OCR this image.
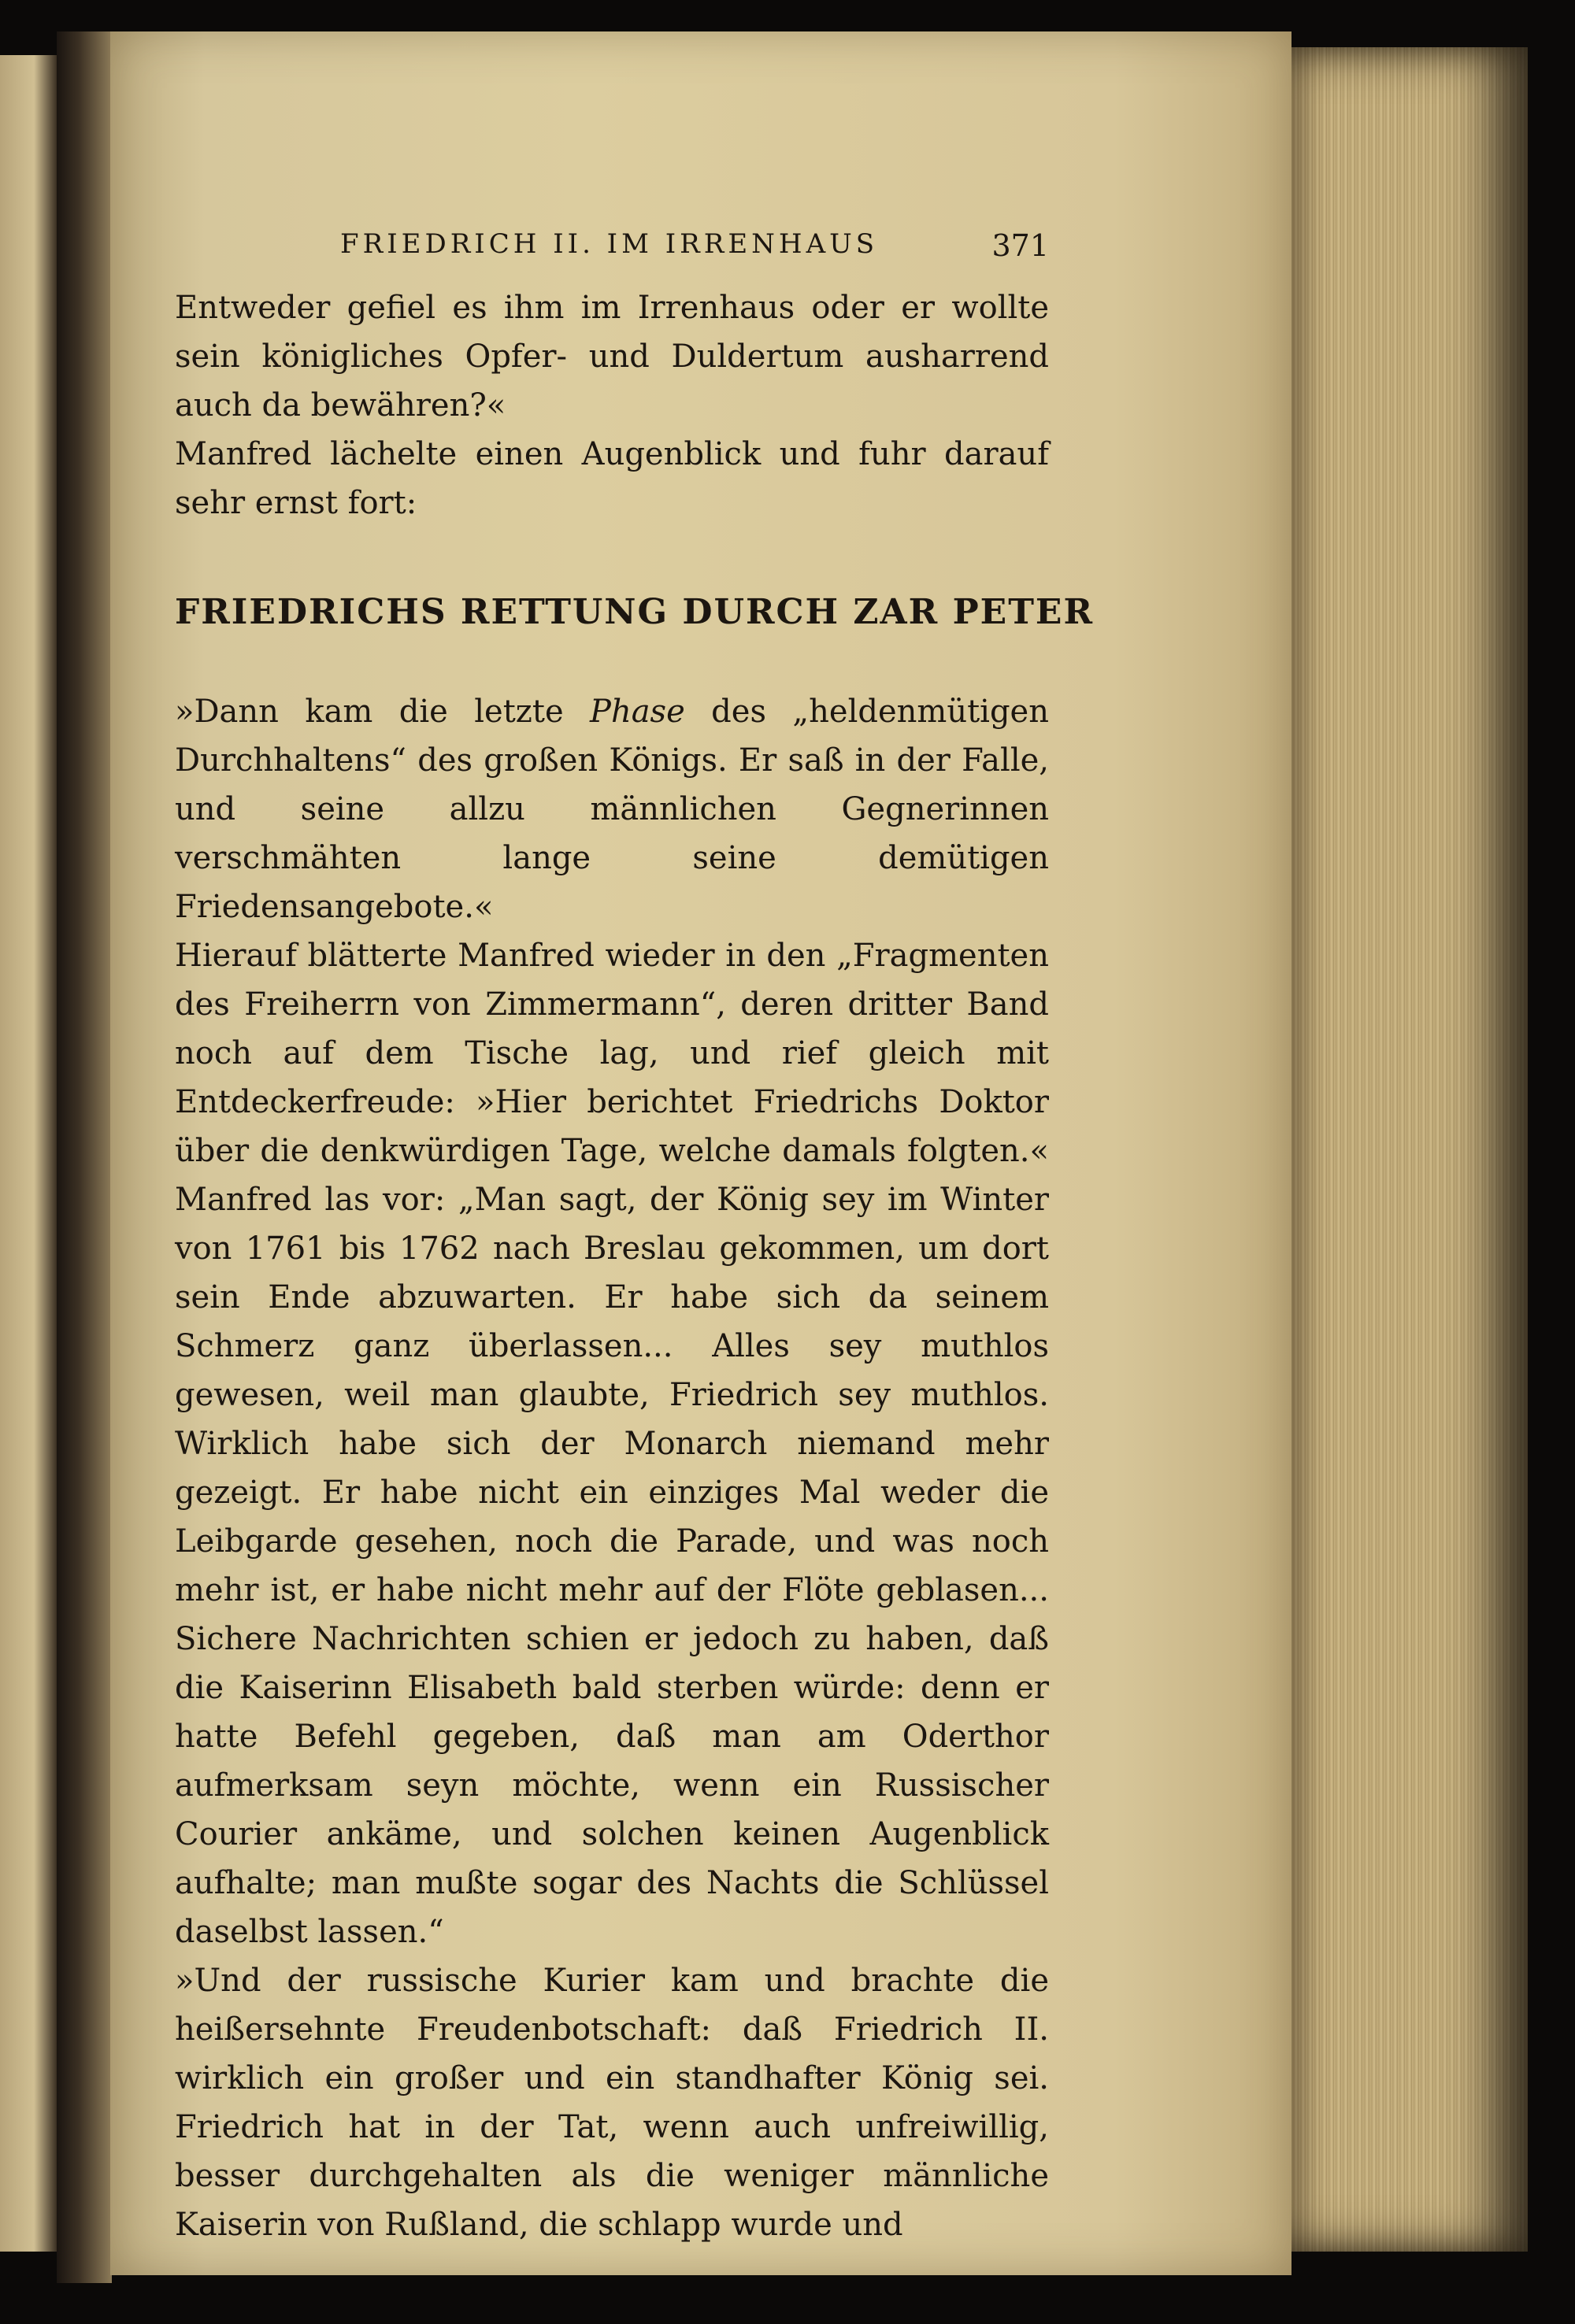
FRIEDRICH II. IM IRRENHAUS	371

Entweder gefiel es ihm im Irrenhaus oder er wollte sein königliches Opfer- und Duldertum ausharrend auch da bewähren?«

Manfred lächelte einen Augenblick und fuhr darauf sehr ernst fort:

FRIEDRICHS RETTUNG DURCH ZAR PETER

»Dann kam die letzte Phase des „heldenmütigen Durchhaltens“ des großen Königs. Er saß in der Falle, und seine allzu männlichen Gegnerinnen verschmähten lange seine demütigen Friedensangebote.«

Hierauf blätterte Manfred wieder in den „Fragmenten des Freiherrn von Zimmermann“, deren dritter Band noch auf dem Tische lag, und rief gleich mit Entdeckerfreude: »Hier berichtet Friedrichs Doktor über die denkwürdigen Tage, welche damals folgten.« Manfred las vor: „Man sagt, der König sey im Winter von 1761 bis 1762 nach Breslau gekommen, um dort sein Ende abzuwarten. Er habe sich da seinem Schmerz ganz überlassen... Alles sey muthlos gewesen, weil man glaubte, Friedrich sey muthlos. Wirklich habe sich der Monarch niemand mehr gezeigt. Er habe nicht ein einziges Mal weder die Leibgarde gesehen, noch die Parade, und was noch mehr ist, er habe nicht mehr auf der Flöte geblasen... Sichere Nachrichten schien er jedoch zu haben, daß die Kaiserinn Elisabeth bald sterben würde: denn er hatte Befehl gegeben, daß man am Oderthor aufmerksam seyn möchte, wenn ein Russischer Courier ankäme, und solchen keinen Augenblick aufhalte; man mußte sogar des Nachts die Schlüssel daselbst lassen.“

»Und der russische Kurier kam und brachte die heißersehnte Freudenbotschaft: daß Friedrich II. wirklich ein großer und ein standhafter König sei. Friedrich hat in der Tat, wenn auch unfreiwillig, besser durchgehalten als die weniger männliche Kaiserin von Rußland, die schlapp wurde und
